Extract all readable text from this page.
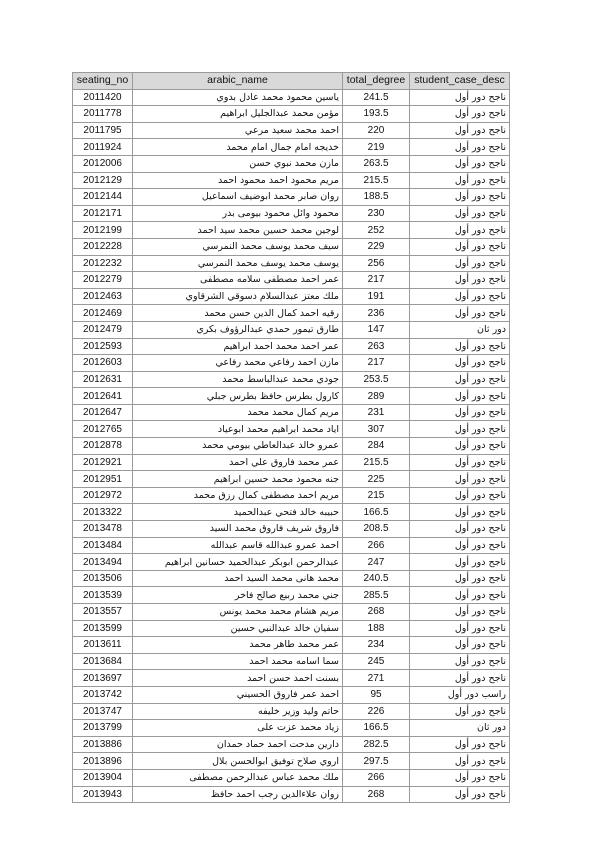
seating_no	arabic_name	total_degree	student_case_desc
2011420	ياسين محمود محمد عادل بدوي	241.5	ناجح دور أول
2011778	مؤمن محمد عبدالجليل ابراهيم	193.5	ناجح دور أول
2011795	احمد محمد سعيد مرعي	220	ناجح دور أول
2011924	خديجه امام جمال امام محمد	219	ناجح دور أول
2012006	مازن محمد نبوي حسن	263.5	ناجح دور أول
2012129	مريم محمود احمد محمود احمد	215.5	ناجح دور أول
2012144	روان صابر محمد ابوضيف اسماعيل	188.5	ناجح دور أول
2012171	محمود وائل محمود بيومى بدر	230	ناجح دور أول
2012199	لوجين محمد حسين محمد سيد احمد	252	ناجح دور أول
2012228	سيف محمد يوسف محمد النمرسي	229	ناجح دور أول
2012232	يوسف محمد يوسف محمد النمرسي	256	ناجح دور أول
2012279	عمر احمد مصطفى سلامه مصطفى	217	ناجح دور أول
2012463	ملك معتز عبدالسلام دسوقي الشرقاوي	191	ناجح دور أول
2012469	رقيه احمد كمال الدين حسن محمد	236	ناجح دور أول
2012479	طارق تيمور حمدي عبدالرؤوف بكري	147	دور ثان
2012593	عمر احمد محمد احمد ابراهيم	263	ناجح دور أول
2012603	مازن احمد رفاعي محمد رفاعي	217	ناجح دور أول
2012631	جودي محمد عبدالباسط محمد	253.5	ناجح دور أول
2012641	كارول بطرس حافظ بطرس جبلي	289	ناجح دور أول
2012647	مريم كمال محمد محمد	231	ناجح دور أول
2012765	اياد محمد ابراهيم محمد ابوعياد	307	ناجح دور أول
2012878	عمرو خالد عبدالعاطي بيومي محمد	284	ناجح دور أول
2012921	عمر محمد فاروق علي احمد	215.5	ناجح دور أول
2012951	جنه محمود محمد حسين ابراهيم	225	ناجح دور أول
2012972	مريم احمد مصطفى كمال رزق محمد	215	ناجح دور أول
2013322	حبيبه خالد فتحي عبدالحميد	166.5	ناجح دور أول
2013478	فاروق شريف فاروق محمد السيد	208.5	ناجح دور أول
2013484	احمد عمرو عبدالله قاسم عبدالله	266	ناجح دور أول
2013494	عبدالرحمن ابوبكر عبدالحميد حسانين ابراهيم	247	ناجح دور أول
2013506	محمد هانى محمد السيد احمد	240.5	ناجح دور أول
2013539	جني محمد ربيع صالح فاخر	285.5	ناجح دور أول
2013557	مريم هشام محمد محمد يونس	268	ناجح دور أول
2013599	سفيان خالد عبدالنبي حسين	188	ناجح دور أول
2013611	عمر محمد طاهر محمد	234	ناجح دور أول
2013684	سما اسامه محمد احمد	245	ناجح دور أول
2013697	بسنت احمد حسن احمد	271	ناجح دور أول
2013742	احمد عمر فاروق الحسيني	95	راسب دور أول
2013747	حاتم وليد وزير خليفه	226	ناجح دور أول
2013799	زياد محمد عزت على	166.5	دور ثان
2013886	دارين مدحت احمد حماد حمدان	282.5	ناجح دور أول
2013896	اروي صلاح توفيق ابوالحسن بلال	297.5	ناجح دور أول
2013904	ملك محمد عباس عبدالرحمن مصطفى	266	ناجح دور أول
2013943	روان علاءالدين رجب احمد حافظ	268	ناجح دور أول
